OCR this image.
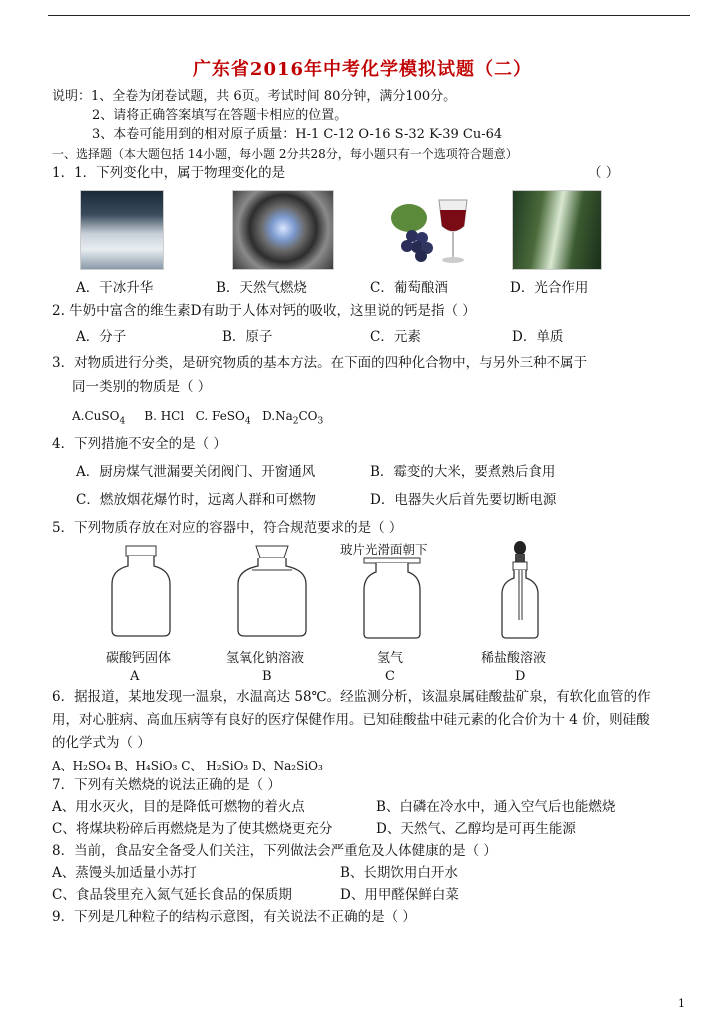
广东省2016年中考化学模拟试题（二）
说明：1、全卷为闭卷试题，共 6页。考试时间 80分钟，满分100分。
2、请将正确答案填写在答题卡相应的位置。
3、本卷可能用到的相对原子质量：H-1 C-12 O-16 S-32 K-39 Cu-64
一、选择题（本大题包括 14小题，每小题 2分共28分，每小题只有一个选项符合题意）
1．1．下列变化中，属于物理变化的是	（ ）
A．干冰升华	B．天然气燃烧	C．葡萄酿酒	D．光合作用
2. 牛奶中富含的维生素D有助于人体对钙的吸收，这里说的钙是指（ ）
A．分子	B．原子	C．元素	D．单质
3．对物质进行分类，是研究物质的基本方法。在下面的四种化合物中，与另外三种不属于
同一类别的物质是（ ）
A.CuSO$_4$ B. HCl C. FeSO$_4$ $D.Na_2CO_3$
4．下列措施不安全的是（ ）
A．厨房煤气泄漏要关闭阀门、开窗通风	B．霉变的大米，要煮熟后食用
C．燃放烟花爆竹时，远离人群和可燃物	D．电器失火后首先要切断电源
5．下列物质存放在对应的容器中，符合规范要求的是（ ）
玻片光滑面朝下
碳酸钙固体	氢氧化钠溶液	氢气	稀盐酸溶液
A	B	C	D
6．据报道，某地发现一温泉，水温高达 58℃。经监测分析，该温泉属硅酸盐矿泉，有软化血管的作
用，对心脏病、高血压病等有良好的医疗保健作用。已知硅酸盐中硅元素的化合价为十 4 价，则硅酸
的化学式为（ ）
A、H₂SO₄ B、H₄SiO₃ C、 H₂SiO₃ D、Na₂SiO₃
7．下列有关燃烧的说法正确的是（ ）
A、用水灭火，目的是降低可燃物的着火点	B、白磷在冷水中，通入空气后也能燃烧
C、将煤块粉碎后再燃烧是为了使其燃烧更充分	D、天然气、乙醇均是可再生能源
8．当前，食品安全备受人们关注，下列做法会严重危及人体健康的是（ ）
A、蒸馒头加适量小苏打	B、长期饮用白开水
C、食品袋里充入氮气延长食品的保质期	D、用甲醛保鲜白菜
9．下列是几种粒子的结构示意图，有关说法不正确的是（ ）
1
